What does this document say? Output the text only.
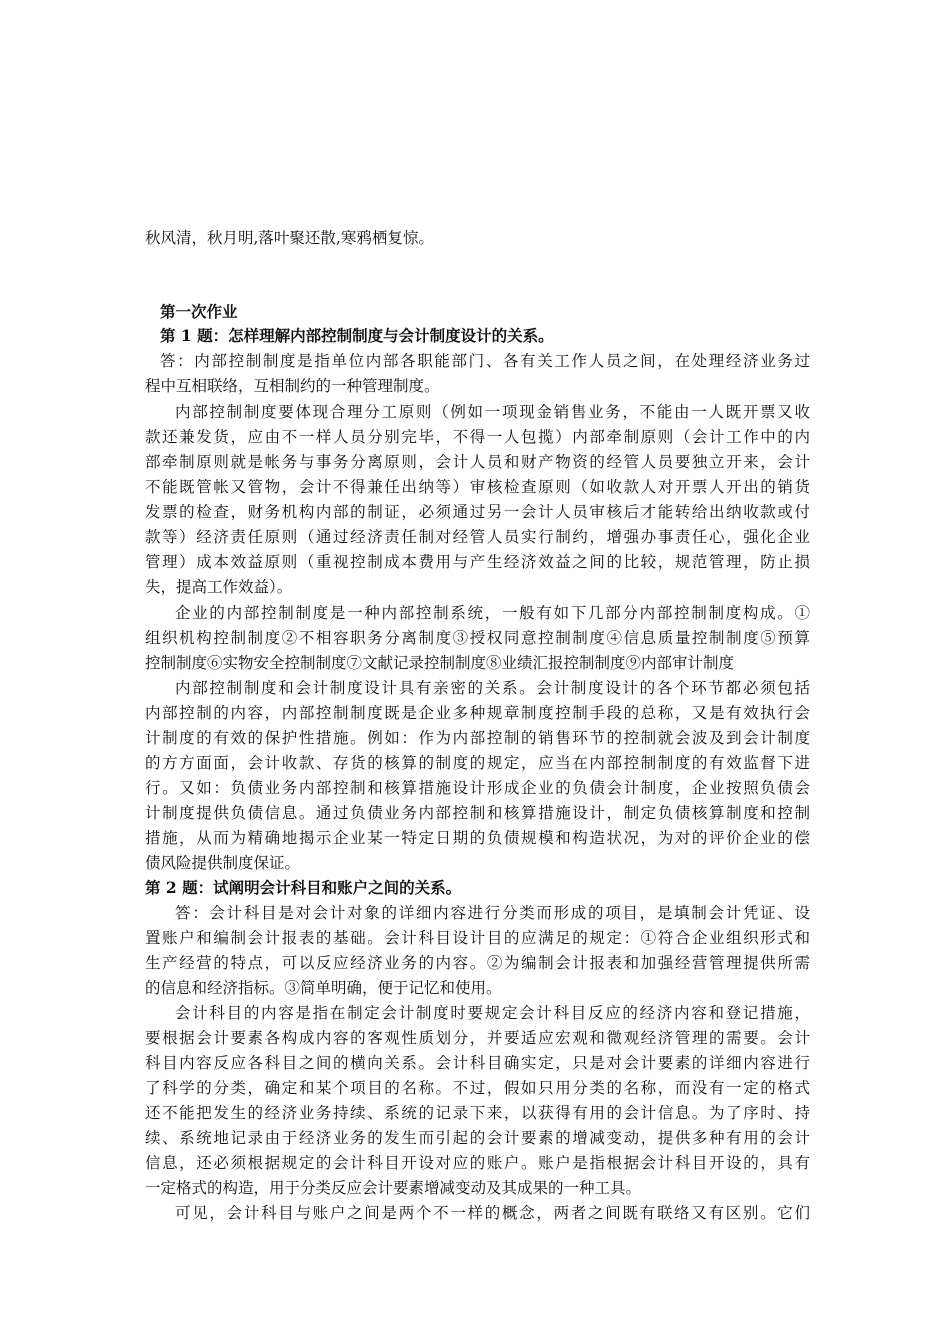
秋风清，秋月明,落叶聚还散,寒鸦栖复惊。
第一次作业
第 1 题：怎样理解内部控制制度与会计制度设计的关系。
答：内部控制制度是指单位内部各职能部门、各有关工作人员之间，在处理经济业务过
程中互相联络，互相制约的一种管理制度。
内部控制制度要体现合理分工原则（例如一项现金销售业务，不能由一人既开票又收
款还兼发货，应由不一样人员分别完毕，不得一人包揽）内部牵制原则（会计工作中的内
部牵制原则就是帐务与事务分离原则，会计人员和财产物资的经管人员要独立开来，会计
不能既管帐又管物，会计不得兼任出纳等）审核检查原则（如收款人对开票人开出的销货
发票的检查，财务机构内部的制证，必须通过另一会计人员审核后才能转给出纳收款或付
款等）经济责任原则（通过经济责任制对经管人员实行制约，增强办事责任心，强化企业
管理）成本效益原则（重视控制成本费用与产生经济效益之间的比较，规范管理，防止损
失，提高工作效益）。
企业的内部控制制度是一种内部控制系统，一般有如下几部分内部控制制度构成。①
组织机构控制制度②不相容职务分离制度③授权同意控制制度④信息质量控制制度⑤预算
控制制度⑥实物安全控制制度⑦文献记录控制制度⑧业绩汇报控制制度⑨内部审计制度
内部控制制度和会计制度设计具有亲密的关系。会计制度设计的各个环节都必须包括
内部控制的内容，内部控制制度既是企业多种规章制度控制手段的总称，又是有效执行会
计制度的有效的保护性措施。例如：作为内部控制的销售环节的控制就会波及到会计制度
的方方面面，会计收款、存货的核算的制度的规定，应当在内部控制制度的有效监督下进
行。又如：负债业务内部控制和核算措施设计形成企业的负债会计制度，企业按照负债会
计制度提供负债信息。通过负债业务内部控制和核算措施设计，制定负债核算制度和控制
措施，从而为精确地揭示企业某一特定日期的负债规模和构造状况，为对的评价企业的偿
债风险提供制度保证。
第 2 题：试阐明会计科目和账户之间的关系。
答：会计科目是对会计对象的详细内容进行分类而形成的项目，是填制会计凭证、设
置账户和编制会计报表的基础。会计科目设计目的应满足的规定：①符合企业组织形式和
生产经营的特点，可以反应经济业务的内容。②为编制会计报表和加强经营管理提供所需
的信息和经济指标。③简单明确，便于记忆和使用。
会计科目的内容是指在制定会计制度时要规定会计科目反应的经济内容和登记措施，
要根据会计要素各构成内容的客观性质划分，并要适应宏观和微观经济管理的需要。会计
科目内容反应各科目之间的横向关系。会计科目确实定，只是对会计要素的详细内容进行
了科学的分类，确定和某个项目的名称。不过，假如只用分类的名称，而没有一定的格式
还不能把发生的经济业务持续、系统的记录下来，以获得有用的会计信息。为了序时、持
续、系统地记录由于经济业务的发生而引起的会计要素的增减变动，提供多种有用的会计
信息，还必须根据规定的会计科目开设对应的账户。账户是指根据会计科目开设的，具有
一定格式的构造，用于分类反应会计要素增减变动及其成果的一种工具。
可见，会计科目与账户之间是两个不一样的概念，两者之间既有联络又有区别。它们
